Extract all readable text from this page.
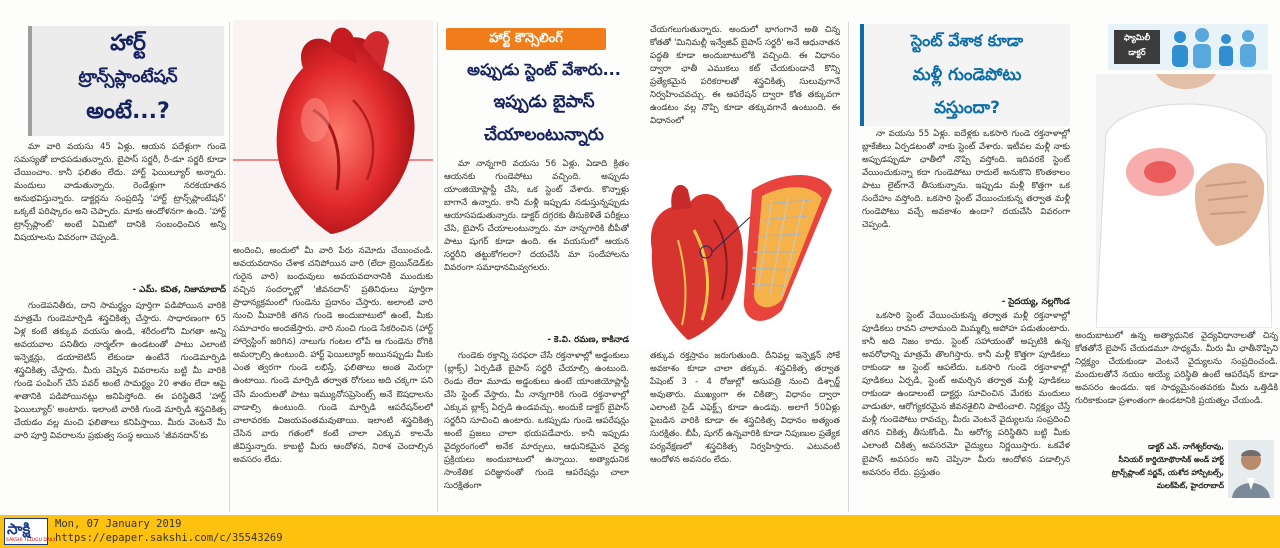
హార్ట్
ట్రాన్స్‌ప్లాంటేషన్
అంటే...?

మా వారి వయసు 45 ఏళ్లు. ఆయన పదేళ్లుగా గుండె సమస్యతో బాధపడుతున్నారు. బైపాస్ సర్జరీ, రీ-డూ సర్జరీ కూడా చేయించాం. కానీ ఫలితం లేదు. హార్ట్ ఫెయిల్యూర్ అన్నారు. మందులు వాడుతున్నారు. రెండేళ్లుగా నరకయాతన అనుభవిస్తున్నారు. డాక్టర్లను సంప్రదిస్తే 'హార్ట్ ట్రాన్స్‌ప్లాంటేషన్' ఒక్కటే పరిష్కారం అని చెప్పారు. మాకు ఆందోళనగా ఉంది. 'హార్ట్ ట్రాన్స్‌ప్లాంట్' అంటే ఏమిటో దానికి సంబంధించిన అన్ని విషయాలను వివరంగా చెప్పండి.

- ఎమ్. కవిత, నిజామాబాద్

గుండెపనితీరు, దాని సామర్థ్యం పూర్తిగా పడిపోయిన వారికి మాత్రమే గుండెమార్పిడి శస్త్రచికిత్స చేస్తారు. సాధారణంగా 65 ఏళ్ల కంటే తక్కువ వయసు ఉండి, శరీరంలోని మిగతా అన్ని అవయవాల పనితీరు నార్మల్‌గా ఉండటంతో పాటు ఎలాంటి ఇన్ఫెక్షన్లు, డయాబెటిస్ లేకుండా ఉంటేనే గుండెమార్పిడి శస్త్రచికిత్స చేస్తారు. మీరు చెప్పిన వివరాలను బట్టి మీ వారికి గుండె పంపింగ్ చేసే పవర్ అంటే సామర్థ్యం 20 శాతం లేదా ఆపై శాతానికి పడిపోయినట్లు అనిపిస్తోంది. ఈ పరిస్థితినే 'హార్ట్ ఫెయిల్యూర్' అంటారు. ఇలాంటి వారికి గుండె మార్పిడి శస్త్రచికిత్స చేయడం వల్ల మంచి ఫలితాలు కనిపిస్తాయి. మీరు వెంటనే మీ వారి పూర్తి వివరాలను ప్రభుత్వ సంస్థ అయిన 'జీవనదాన్'కు

అందించి, అందులో మీ వారి పేరు నమోదు చేయించండి. అవయవదానం చేశాక చనిపోయిన వారి (లేదా బ్రెయిన్‌డెడ్‌కు గురైన వారి) బంధువులు అవయవదానానికి ముందుకు వచ్చిన సందర్భాల్లో 'జీవనదాన్' ప్రతినిధులు పూర్తిగా ప్రాధాన్యక్రమంలో గుండెను ప్రదానం చేస్తారు. అలాంటి వారి నుంచి మీవారికి తగిన గుండె అందుబాటులో ఉంటే, మీకు సమాచారం అందజేస్తారు. వారి నుంచి గుండె సేకరించిన (హార్ట్ హార్వెస్టింగ్ జరిగిన) నాలుగు గంటల లోపే ఆ గుండెను రోగికి అమర్చాల్సి ఉంటుంది. హార్ట్ ఫెయిల్యూర్ అయినప్పుడు మీకు ఎంత త్వరగా గుండె లభిస్తే, ఫలితాలు అంత మెరుగ్గా ఉంటాయి. గుండె మార్పిడి తర్వాత రోగులు అది చక్కగా పని చేసే మందులతో పాటు ఇమ్యునోసప్రెసెంట్స్ అనే ఔషధాలను వాడాల్సి ఉంటుంది. గుండె మార్పిడి ఆపరేషన్‌లలో చాలావరకు విజయవంతమవుతాయి. ఇలాంటి శస్త్రచికిత్స చేసిన వారు గతంలో కంటే చాలా ఎక్కువ కాలమే జీవిస్తున్నారు. కాబట్టి మీరు ఆందోళన, నిరాశ చెందాల్సిన అవసరం లేదు.

హార్ట్ కౌన్సెలింగ్
అప్పుడు స్టెంట్ వేశారు...
ఇప్పుడు బైపాస్
చేయాలంటున్నారు

మా నాన్నగారి వయసు 56 ఏళ్లు. ఏడాది క్రితం ఆయనకు గుండెపోటు వచ్చింది. అప్పుడు యాంజియోప్లాస్టీ చేసి, ఒక స్టెంట్ వేశారు. కొన్నాళ్లు బాగానే ఉన్నారు. కానీ మళ్లీ ఇప్పుడు నడుస్తున్నప్పుడు ఆయాసపడుతున్నారు. డాక్టర్ దగ్గరకు తీసుకెళితే పరీక్షలు చేసి, బైపాస్ చేయాలంటున్నారు. మా నాన్నగారికి బీపీతో పాటు షుగర్ కూడా ఉంది. ఈ వయసులో ఆయన సర్జరీని తట్టుకోగలరా? దయచేసి మా సందేహాలను వివరంగా సమాధానమివ్వగలరు.

- కె.వి. రమణ, కాకినాడ

గుండెకు రక్తాన్ని సరఫరా చేసే రక్తనాళాల్లో అడ్డంకులు (బ్లాక్స్) ఏర్పడితే బైపాస్ సర్జరీ చేయాల్సి ఉంటుంది. రెండు లేదా మూడు అడ్డంకులు ఉంటే యాంజియోప్లాస్టీ చేసి స్టెంట్ వేస్తారు. మీ నాన్నగారికి గుండె రక్తనాళాల్లో ఎక్కువ బ్లాక్స్ ఏర్పడి ఉండవచ్చు. అందుకే డాక్టర్ బైపాస్ సర్జరీని సూచించి ఉంటారు. ఒకప్పుడు గుండె ఆపరేషన్లు అంటే ప్రజలు చాలా భయపడేవారు. కానీ ఇప్పుడు వైద్యరంగంలో అనేక మార్పులు, ఆధునికమైన వైద్య ప్రక్రియలు అందుబాటులో ఉన్నాయి. అత్యాధునిక సాంకేతిక పరిజ్ఞానంతో గుండె ఆపరేషన్లు చాలా సురక్షితంగా

చేయగలుగుతున్నారు. అందులో భాగంగానే అతి చిన్న కోతతో 'మినిమల్లీ ఇన్వేజివ్ బైపాస్ సర్జరీ' అనే ఆధునాతన పద్ధతి కూడా అందుబాటులోకి వచ్చింది. ఈ విధానం ద్వారా ఛాతీ ఎముకలు కట్ చేయకుండానే కొన్ని ప్రత్యేకమైన పరికరాలతో శస్త్రచికిత్స సులువుగానే నిర్వహించవచ్చు. ఈ ఆపరేషన్ ద్వారా కోత తక్కువగా ఉండటం వల్ల నొప్పి కూడా తక్కువగానే ఉంటుంది. ఈ విధానంలో

తక్కువ రక్తస్రావం జరుగుతుంది. దీనివల్ల ఇన్ఫెక్షన్ సోకే అవకాశం కూడా చాలా తక్కువ. శస్త్రచికిత్స తర్వాత పేషెంట్ 3 - 4 రోజుల్లో ఆసుపత్రి నుంచి డిశ్చార్జ్ అవుతారు. ముఖ్యంగా ఈ చికిత్సా విధానం ద్వారా ఎలాంటి సైడ్ ఎఫెక్ట్స్ కూడా ఉండవు. అలాగే 50ఏళ్లు పైబడిన వారికి కూడా ఈ శస్త్రచికిత్స విధానం అత్యంత సురక్షితం. బీపీ, షుగర్ ఉన్నవారికి కూడా నిపుణుల ప్రత్యేక పర్యవేక్షణలో శస్త్రచికిత్స నిర్వహిస్తారు. ఎటువంటి ఆందోళన అవసరం లేదు.

స్టెంట్ వేశాక కూడా
మళ్లీ గుండెపోటు
వస్తుందా?

నా వయసు 55 ఏళ్లు. ఐదేళ్లకు ఒకసారి గుండె రక్తనాళాల్లో బ్లాకేజీలు ఏర్పడటంతో నాకు స్టెంట్ వేశారు. ఇటీవల మళ్లీ నాకు అప్పుడప్పుడూ ఛాతీలో నొప్పి వస్తోంది. ఇదివరకే స్టెంట్ వేయించుకున్నా కదా గుండెపోటు రాదులే అనుకొని కొంతకాలం పాటు లైట్‌గానే తీసుకున్నాను. ఇప్పుడు మళ్లీ కొత్తగా ఒక సందేహం వస్తోంది. ఒకసారి స్టెంట్ వేయించుకున్న తర్వాత మళ్లీ గుండెపోటు వచ్చే అవకాశం ఉందా? దయచేసి వివరంగా చెప్పండి.

- సైదయ్య, నల్లగొండ

ఒకసారి స్టెంట్ వేయించుకున్న తర్వాత మళ్లీ రక్తనాళాల్లో పూడికలు రావని చాలామంది మిమ్మల్ని అపోహ పడుతుంటారు. కానీ అది నిజం కాదు. స్టెంట్ సహాయంతో అప్పటికి ఉన్న అవరోధాన్ని మాత్రమే తొలగిస్తారు. కానీ మళ్లీ కొత్తగా పూడికలు రాకుండా ఆ స్టెంట్ ఆపలేదు. ఒకసారి గుండె రక్తనాళాల్లో పూడికలు ఏర్పడి, స్టెంట్ అమర్చిన తర్వాత మళ్లీ పూడికలు రాకుండా ఉండాలంటే డాక్టర్లు సూచించిన మేరకు మందులు వాడుతూ, ఆరోగ్యకరమైన జీవనశైలిని పాటించాలి. నిర్లక్ష్యం చేస్తే మళ్లీ గుండెపోటు రావచ్చు. మీరు వెంటనే వైద్యులను సంప్రదించి తగిన చికిత్స తీసుకోండి. మీ ఆరోగ్య పరిస్థితిని బట్టి మీకు ఎలాంటి చికిత్స అవసరమో వైద్యులు నిర్ణయిస్తారు. ఒకవేళ బైపాస్ అవసరం అని చెప్పినా మీరు ఆందోళన పడాల్సిన అవసరం లేదు. ప్రస్తుతం

ఫ్యామిలీ
డాక్టర్

అందుబాటులో ఉన్న అత్యాధునిక వైద్యవిధానాలతో చిన్న కోతతోనే బైపాస్ చేయడమూ సాధ్యమే. మీరు మీ ఛాతీనొప్పిని నిర్లక్ష్యం చేయకుండా వెంటనే వైద్యులను సంప్రదించండి. మందులతోనే నయం అయ్యే పరిస్థితి ఉంటే ఆపరేషన్ కూడా అవసరం ఉండదు. ఇక సాధ్యమైనంతవరకు మీరు ఒత్తిడికి గురికాకుండా ప్రశాంతంగా ఉండటానికి ప్రయత్నం చేయండి.

డాక్టర్ ఎన్. నాగేశ్వర్‌రావు,
సీనియర్ కార్డియోథొరాసిక్ అండ్ హార్ట్
ట్రాన్స్‌ప్లాంట్ సర్జన్, యశోద హాస్పిటల్స్,
మలక్‌పేట్, హైదరాబాద్
సాక్షి
SAKSHI TELUGU DAILY
Mon, 07 January 2019
https://epaper.sakshi.com/c/35543269
